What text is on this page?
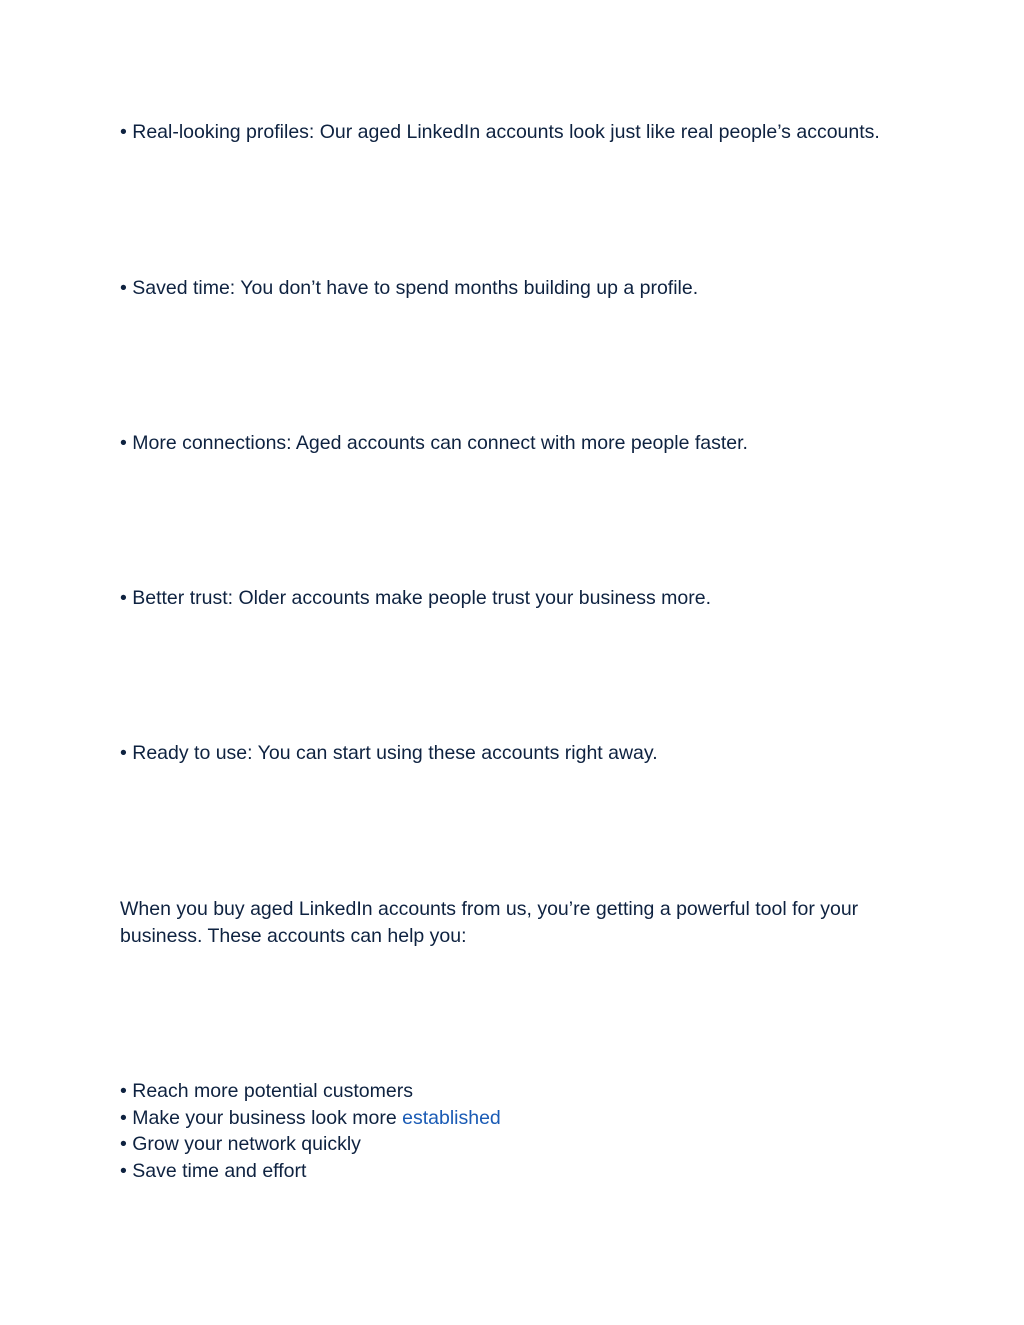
• Real-looking profiles: Our aged LinkedIn accounts look just like real people’s accounts.
• Saved time: You don’t have to spend months building up a profile.
• More connections: Aged accounts can connect with more people faster.
• Better trust: Older accounts make people trust your business more.
• Ready to use: You can start using these accounts right away.
When you buy aged LinkedIn accounts from us, you’re getting a powerful tool for your business. These accounts can help you:
• Reach more potential customers
• Make your business look more established
• Grow your network quickly
• Save time and effort
